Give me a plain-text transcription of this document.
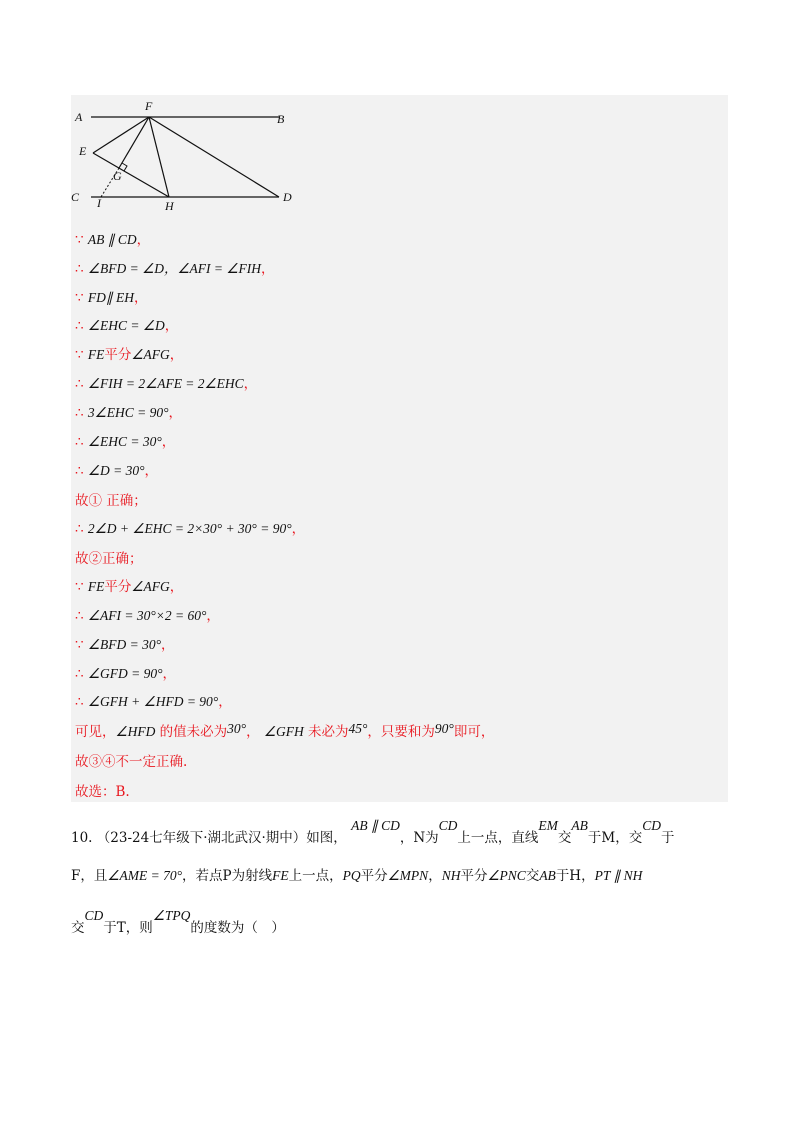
A
F
B
E
G
C I	H
D
∵ AB ∥ CD，
∴ ∠BFD = ∠D，∠AFI = ∠FIH，
∵ FD∥ EH，
∴ ∠EHC = ∠D，
∵ FE平分∠AFG，
∴ ∠FIH = 2∠AFE = 2∠EHC，
∴ 3∠EHC = 90°，
∴ ∠EHC = 30°，
∴ ∠D = 30°，
故① 正确；
∴ 2∠D + ∠EHC = 2×30° + 30° = 90°，
故②正确；
∵ FE平分∠AFG，
∴ ∠AFI = 30°×2 = 60°，
∵ ∠BFD = 30°，
∴ ∠GFD = 90°，
∴ ∠GFH + ∠HFD = 90°，
可见，∠HFD 的值未必为30°， ∠GFH 未必为45°，只要和为90°即可，
故③④不一定正确.
故选：B.
10. （23-24七年级下·湖北武汉·期中）如图， AB ∥ CD，N为CD上一点，直线EM交AB于M，交CD于
F，且∠AME = 70°，若点P为射线FE上一点，PQ平分∠MPN，NH平分∠PNC交AB于H，PT ∥ NH
交CD于T，则∠TPQ的度数为（　）
